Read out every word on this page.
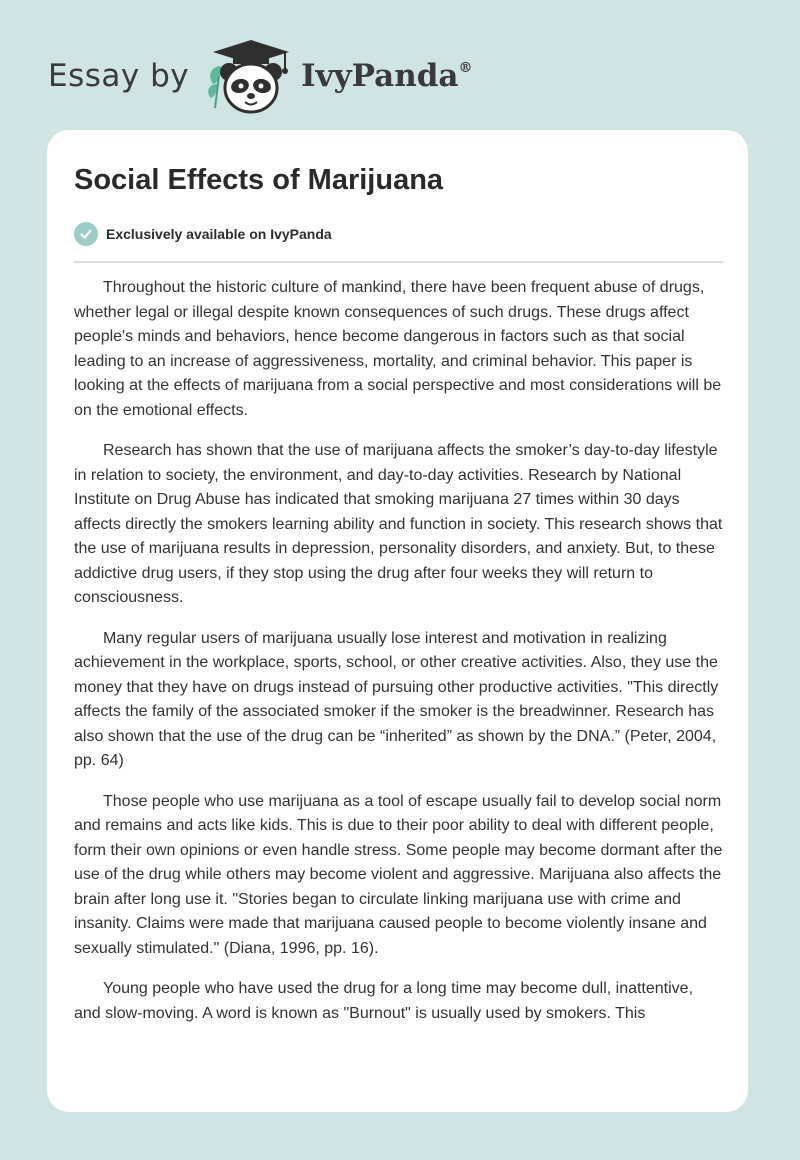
Essay by	IvyPanda®
Social Effects of Marijuana
Exclusively available on IvyPanda

Throughout the historic culture of mankind, there have been frequent abuse of drugs, whether legal or illegal despite known consequences of such drugs. These drugs affect people's minds and behaviors, hence become dangerous in factors such as that social leading to an increase of aggressiveness, mortality, and criminal behavior. This paper is looking at the effects of marijuana from a social perspective and most considerations will be on the emotional effects.

Research has shown that the use of marijuana affects the smoker’s day-to-day lifestyle in relation to society, the environment, and day-to-day activities. Research by National Institute on Drug Abuse has indicated that smoking marijuana 27 times within 30 days affects directly the smokers learning ability and function in society. This research shows that the use of marijuana results in depression, personality disorders, and anxiety. But, to these addictive drug users, if they stop using the drug after four weeks they will return to consciousness.

Many regular users of marijuana usually lose interest and motivation in realizing achievement in the workplace, sports, school, or other creative activities. Also, they use the money that they have on drugs instead of pursuing other productive activities. "This directly affects the family of the associated smoker if the smoker is the breadwinner. Research has also shown that the use of the drug can be “inherited” as shown by the DNA.” (Peter, 2004, pp. 64)

Those people who use marijuana as a tool of escape usually fail to develop social norm and remains and acts like kids. This is due to their poor ability to deal with different people, form their own opinions or even handle stress. Some people may become dormant after the use of the drug while others may become violent and aggressive. Marijuana also affects the brain after long use it. "Stories began to circulate linking marijuana use with crime and insanity. Claims were made that marijuana caused people to become violently insane and sexually stimulated." (Diana, 1996, pp. 16).

Young people who have used the drug for a long time may become dull, inattentive, and slow-moving. A word is known as "Burnout" is usually used by smokers. This
